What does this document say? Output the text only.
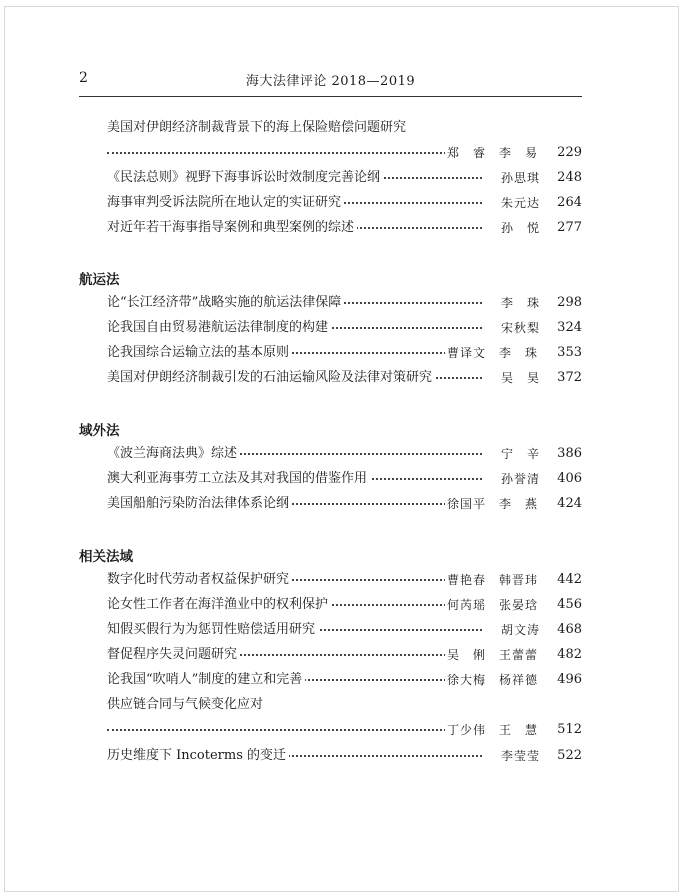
2	海大法律评论 2018—2019
美国对伊朗经济制裁背景下的海上保险赔偿问题研究
郑　睿　李　易	229
《民法总则》视野下海事诉讼时效制度完善论纲	孙思琪	248
海事审判受诉法院所在地认定的实证研究	朱元达	264
对近年若干海事指导案例和典型案例的综述	孙　悦	277
航运法
论“长江经济带”战略实施的航运法律保障	李　珠	298
论我国自由贸易港航运法律制度的构建	宋秋梨	324
论我国综合运输立法的基本原则	曹译文　李　珠	353
美国对伊朗经济制裁引发的石油运输风险及法律对策研究	吴　昊	372
域外法
《波兰海商法典》综述	宁　辛	386
澳大利亚海事劳工立法及其对我国的借鉴作用	孙誉清	406
美国船舶污染防治法律体系论纲	徐国平　李　燕	424
相关法域
数字化时代劳动者权益保护研究	曹艳春　韩晋玮	442
论女性工作者在海洋渔业中的权利保护	何芮瑶　张晏琀	456
知假买假行为为惩罚性赔偿适用研究	胡文涛	468
督促程序失灵问题研究	吴　俐　王蕾蕾	482
论我国“吹哨人”制度的建立和完善	徐大梅　杨祥德	496
供应链合同与气候变化应对
丁少伟　王　慧	512
历史维度下 Incoterms 的变迁	李莹莹	522
